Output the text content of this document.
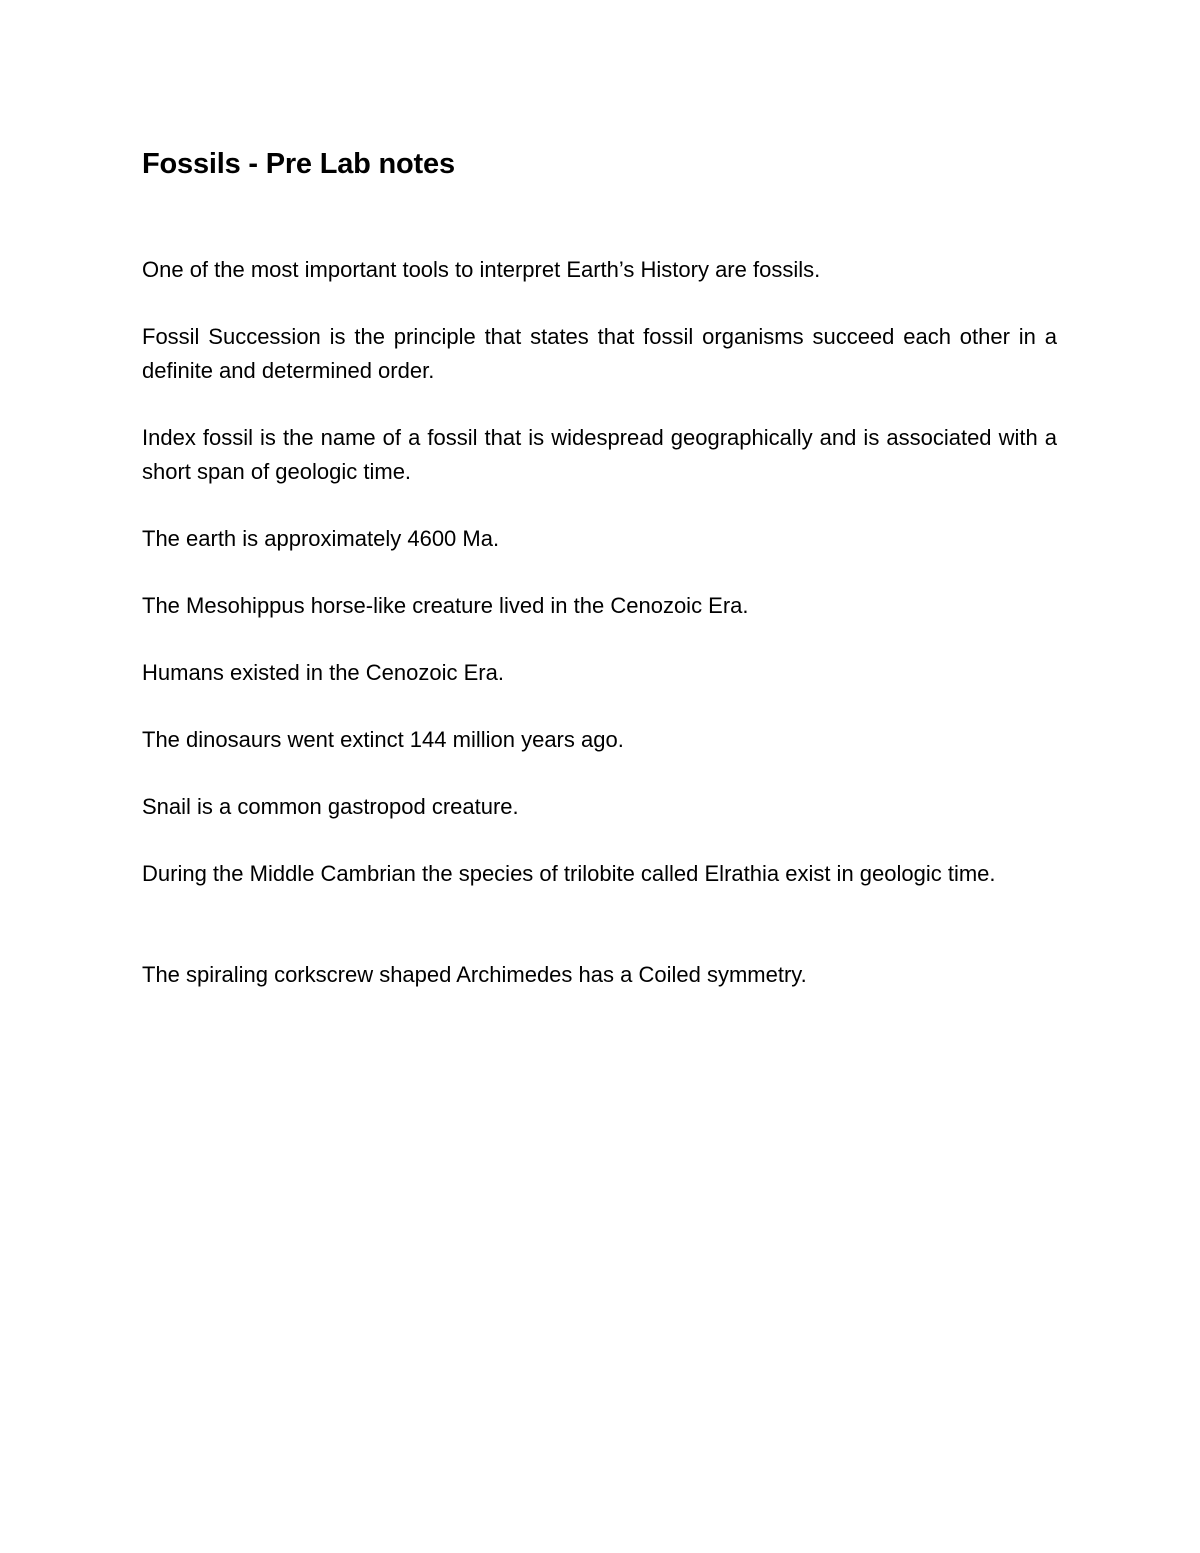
Fossils - Pre Lab notes

One of the most important tools to interpret Earth’s History are fossils.

Fossil Succession is the principle that states that fossil organisms succeed each other in a definite and determined order.

Index fossil is the name of a fossil that is widespread geographically and is associated with a short span of geologic time.

The earth is approximately 4600 Ma.

The Mesohippus horse-like creature lived in the Cenozoic Era.

Humans existed in the Cenozoic Era.

The dinosaurs went extinct 144 million years ago.

Snail is a common gastropod creature.

During the Middle Cambrian the species of trilobite called Elrathia exist in geologic time.

The spiraling corkscrew shaped Archimedes has a Coiled symmetry.
